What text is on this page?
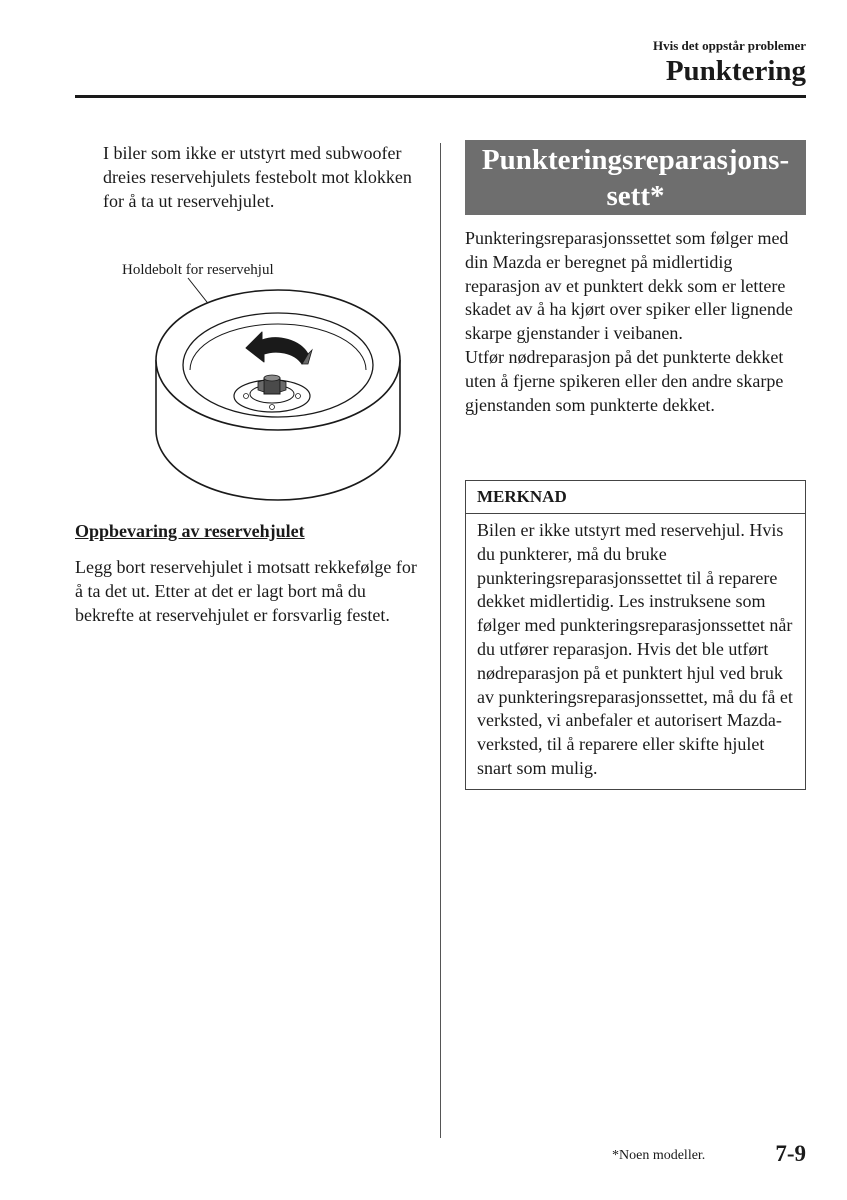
Hvis det oppstår problemer
Punktering

I biler som ikke er utstyrt med subwoofer dreies reservehjulets festebolt mot klokken for å ta ut reservehjulet.

Holdebolt for reservehjul
Oppbevaring av reservehjulet

Legg bort reservehjulet i motsatt rekkefølge for å ta det ut. Etter at det er lagt bort må du bekrefte at reservehjulet er forsvarlig festet.

Punkteringsreparasjonssett*

Punkteringsreparasjonssettet som følger med din Mazda er beregnet på midlertidig reparasjon av et punktert dekk som er lettere skadet av å ha kjørt over spiker eller lignende skarpe gjenstander i veibanen.

Utfør nødreparasjon på det punkterte dekket uten å fjerne spikeren eller den andre skarpe gjenstanden som punkterte dekket.

MERKNAD

Bilen er ikke utstyrt med reservehjul. Hvis du punkterer, må du bruke punkteringsreparasjonssettet til å reparere dekket midlertidig. Les instruksene som følger med punkteringsreparasjonssettet når du utfører reparasjon. Hvis det ble utført nødreparasjon på et punktert hjul ved bruk av punkteringsreparasjonssettet, må du få et verksted, vi anbefaler et autorisert Mazda-verksted, til å reparere eller skifte hjulet snart som mulig.

*Noen modeller.	7-9
